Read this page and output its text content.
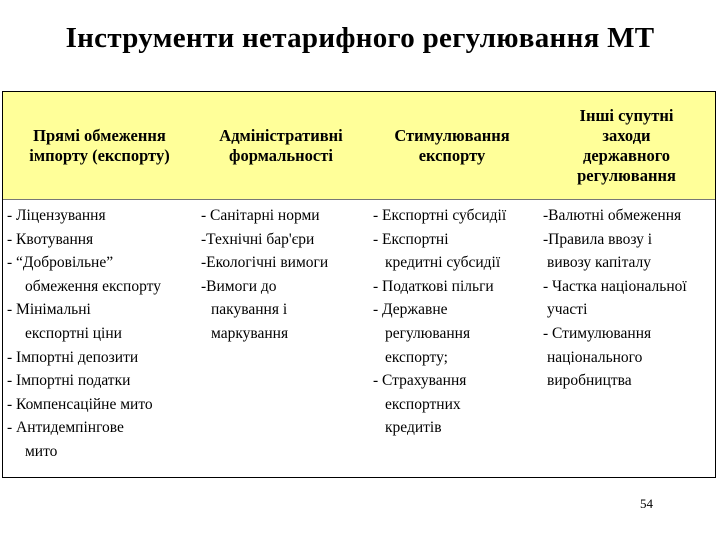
Інструменти нетарифного регулювання МТ
Прямі обмеження
імпорту (експорту)
Адміністративні
формальності
Стимулювання
експорту
Інші супутні
заходи
державного
регулювання
- Ліцензування
- Квотування
- “Добровільне”

обмеження експорту
- Мінімальні

експортні ціни
- Імпортні депозити
- Імпортні податки
- Компенсаційне мито
- Антидемпінгове

мито
- Санітарні норми
-Технічні бар'єри
-Екологічні вимоги
-Вимоги до

пакування і
маркування
- Експортні субсидії
- Експортні

кредитні субсидії
- Податкові пільги
- Державне

регулювання
експорту;
- Страхування

експортних
кредитів
-Валютні обмеження
-Правила ввозу і

вивозу капіталу
- Частка національної

участі
- Стимулювання

національного
виробництва
54
